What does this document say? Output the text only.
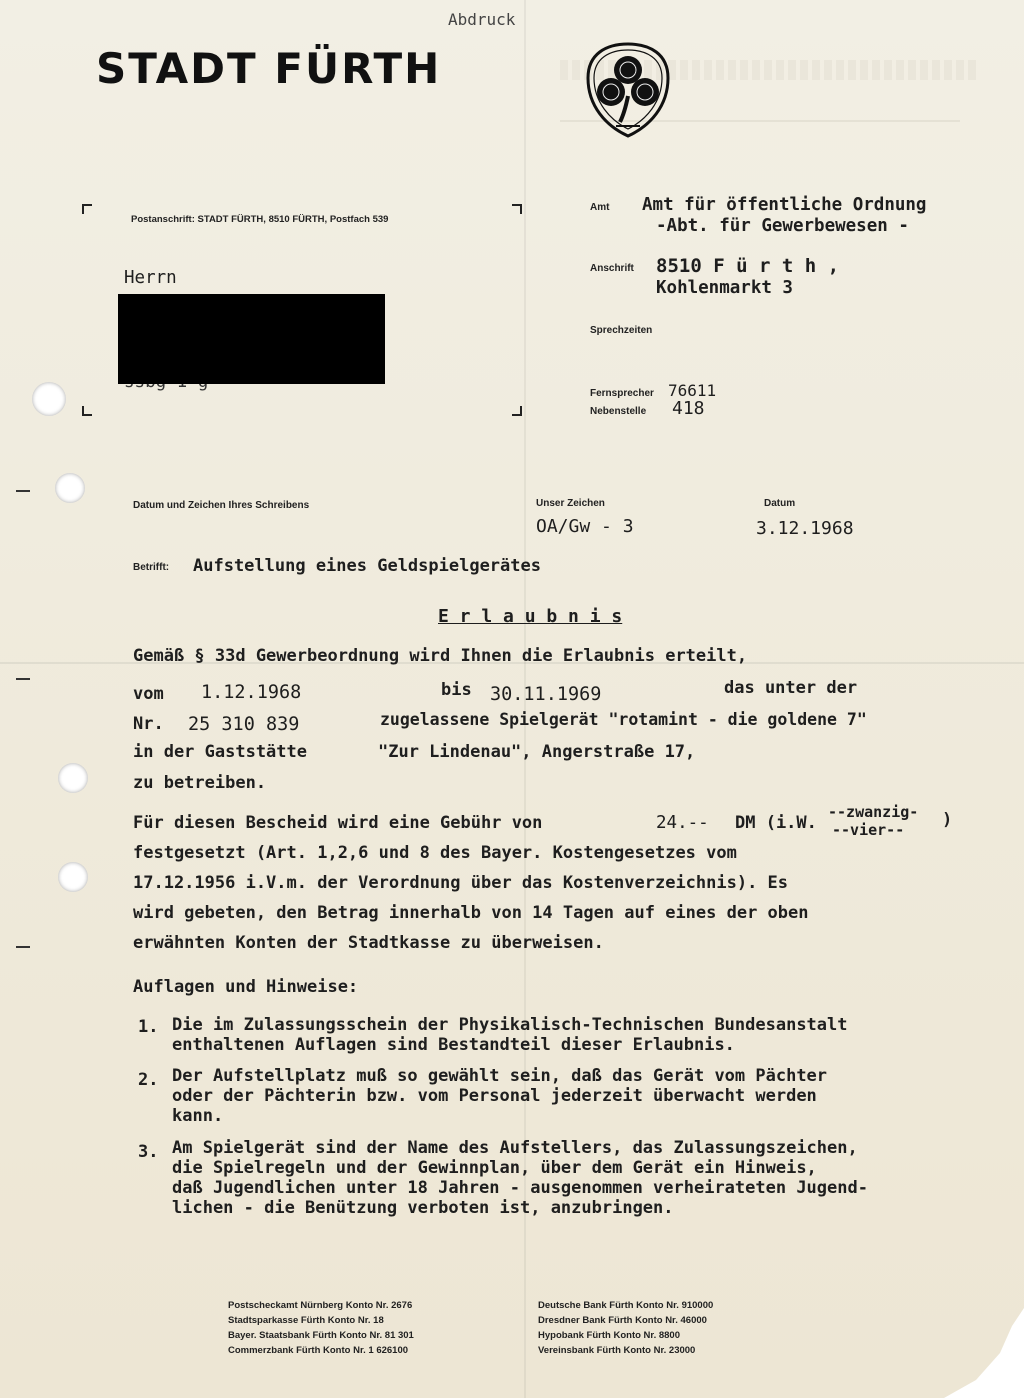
Abdruck
STADT FÜRTH
Postanschrift: STADT FÜRTH, 8510 FÜRTH, Postfach 539
Herrn
Amt Amt für öffentliche Ordnung
-Abt. für Gewerbewesen -
Anschrift 8510 F ü r t h ,
Kohlenmarkt 3
Sprechzeiten
Fernsprecher 76611
Nebenstelle 418
Datum und Zeichen Ihres Schreibens	Unser Zeichen
OA/Gw - 3
Datum
3.12.1968
Betrifft: Aufstellung eines Geldspielgerätes
E r l a u b n i s
Gemäß § 33d Gewerbeordnung wird Ihnen die Erlaubnis erteilt,
vom 1.12.1968	bis 30.11.1969	das unter der
Nr. 25 310 839	zugelassene Spielgerät "rotamint - die goldene 7"
in der Gaststätte	"Zur Lindenau", Angerstraße 17,
zu betreiben.
Für diesen Bescheid wird eine Gebühr von	24.-- DM (i.W.
--zwanzig-
--vier-- )
festgesetzt (Art. 1,2,6 und 8 des Bayer. Kostengesetzes vom
17.12.1956 i.V.m. der Verordnung über das Kostenverzeichnis). Es
wird gebeten, den Betrag innerhalb von 14 Tagen auf eines der oben
erwähnten Konten der Stadtkasse zu überweisen.
Auflagen und Hinweise:
1. Die im Zulassungsschein der Physikalisch-Technischen Bundesanstalt
enthaltenen Auflagen sind Bestandteil dieser Erlaubnis.
2. Der Aufstellplatz muß so gewählt sein, daß das Gerät vom Pächter
oder der Pächterin bzw. vom Personal jederzeit überwacht werden
kann.
3. Am Spielgerät sind der Name des Aufstellers, das Zulassungszeichen,
die Spielregeln und der Gewinnplan, über dem Gerät ein Hinweis,
daß Jugendlichen unter 18 Jahren - ausgenommen verheirateten Jugend-
lichen - die Benützung verboten ist, anzubringen.
Postscheckamt Nürnberg Konto Nr. 2676
Stadtsparkasse Fürth Konto Nr. 18
Bayer. Staatsbank Fürth Konto Nr. 81 301
Commerzbank Fürth Konto Nr. 1 626100
Deutsche Bank Fürth Konto Nr. 910000
Dresdner Bank Fürth Konto Nr. 46000
Hypobank Fürth Konto Nr. 8800
Vereinsbank Fürth Konto Nr. 23000
